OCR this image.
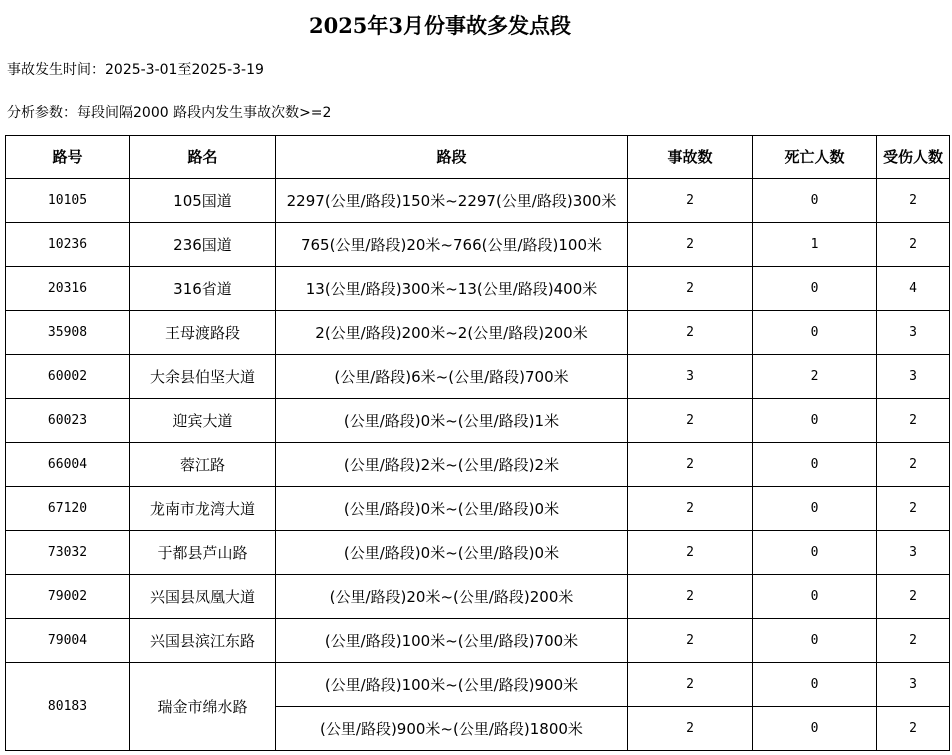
2025年3月份事故多发点段
事故发生时间：2025-3-01至2025-3-19
分析参数：每段间隔2000 路段内发生事故次数>=2
路号	路名	路段	事故数	死亡人数	受伤人数
10105	105国道	2297(公里/路段)150米~2297(公里/路段)300米	2	0	2
10236	236国道	765(公里/路段)20米~766(公里/路段)100米	2	1	2
20316	316省道	13(公里/路段)300米~13(公里/路段)400米	2	0	4
35908	王母渡路段	2(公里/路段)200米~2(公里/路段)200米	2	0	3
60002	大余县伯坚大道	(公里/路段)6米~(公里/路段)700米	3	2	3
60023	迎宾大道	(公里/路段)0米~(公里/路段)1米	2	0	2
66004	蓉江路	(公里/路段)2米~(公里/路段)2米	2	0	2
67120	龙南市龙湾大道	(公里/路段)0米~(公里/路段)0米	2	0	2
73032	于都县芦山路	(公里/路段)0米~(公里/路段)0米	2	0	3
79002	兴国县凤凰大道	(公里/路段)20米~(公里/路段)200米	2	0	2
79004	兴国县滨江东路	(公里/路段)100米~(公里/路段)700米	2	0	2
80183	瑞金市绵水路	(公里/路段)100米~(公里/路段)900米	2	0	3
		(公里/路段)900米~(公里/路段)1800米	2	0	2
